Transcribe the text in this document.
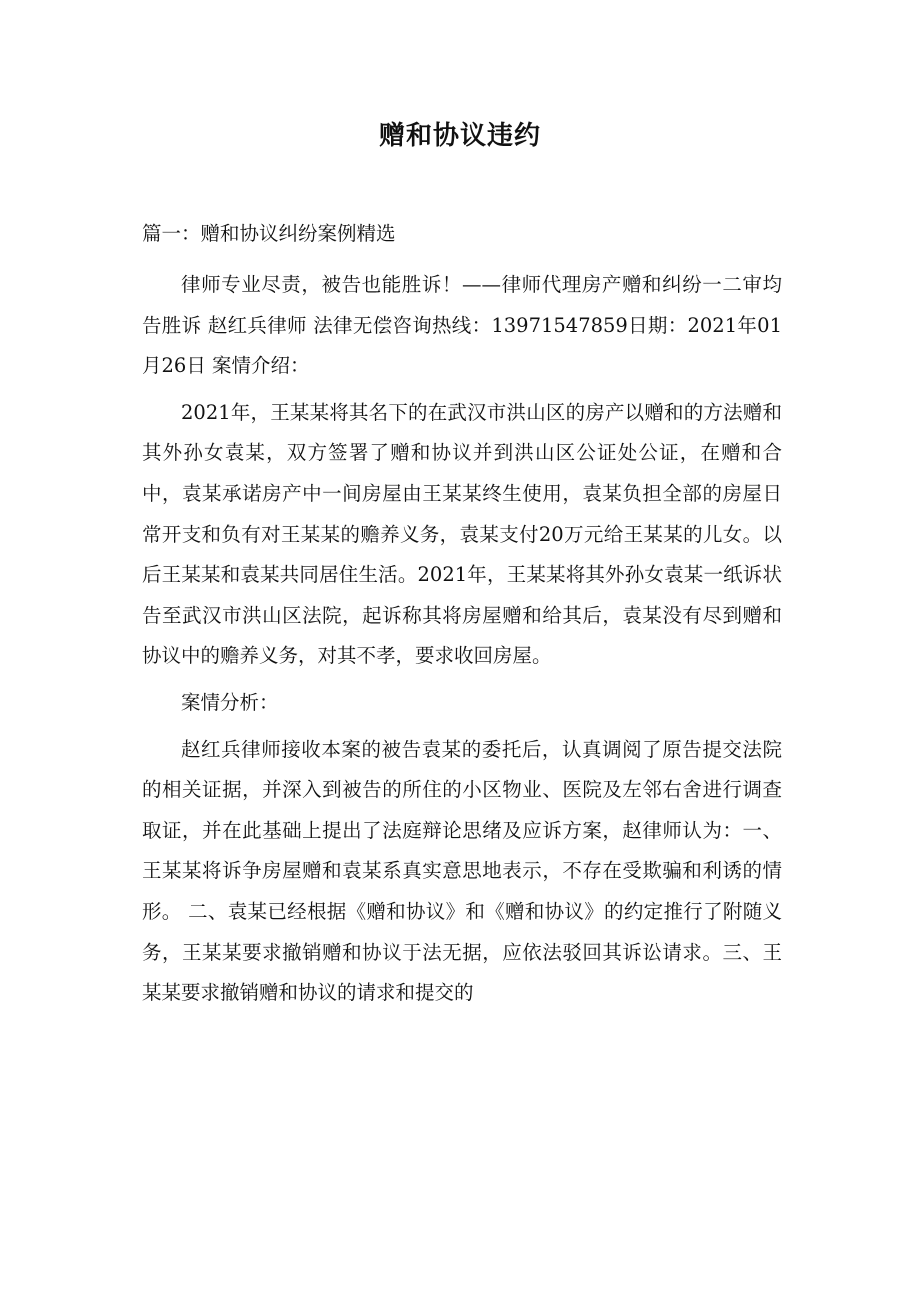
赠和协议违约

篇一：赠和协议纠纷案例精选

律师专业尽责，被告也能胜诉！——律师代理房产赠和纠纷一二审均告胜诉 赵红兵律师 法律无偿咨询热线：13971547859日期：2021年01月26日 案情介绍：

2021年，王某某将其名下的在武汉市洪山区的房产以赠和的方法赠和其外孙女袁某，双方签署了赠和协议并到洪山区公证处公证，在赠和合中，袁某承诺房产中一间房屋由王某某终生使用，袁某负担全部的房屋日常开支和负有对王某某的赡养义务，袁某支付20万元给王某某的儿女。以后王某某和袁某共同居住生活。2021年，王某某将其外孙女袁某一纸诉状告至武汉市洪山区法院，起诉称其将房屋赠和给其后，袁某没有尽到赠和协议中的赡养义务，对其不孝，要求收回房屋。

案情分析：

赵红兵律师接收本案的被告袁某的委托后，认真调阅了原告提交法院的相关证据，并深入到被告的所住的小区物业、医院及左邻右舍进行调查取证，并在此基础上提出了法庭辩论思绪及应诉方案，赵律师认为：一、王某某将诉争房屋赠和袁某系真实意思地表示，不存在受欺骗和利诱的情形。 二、袁某已经根据《赠和协议》和《赠和协议》的约定推行了附随义务，王某某要求撤销赠和协议于法无据，应依法驳回其诉讼请求。三、王某某要求撤销赠和协议的请求和提交的
